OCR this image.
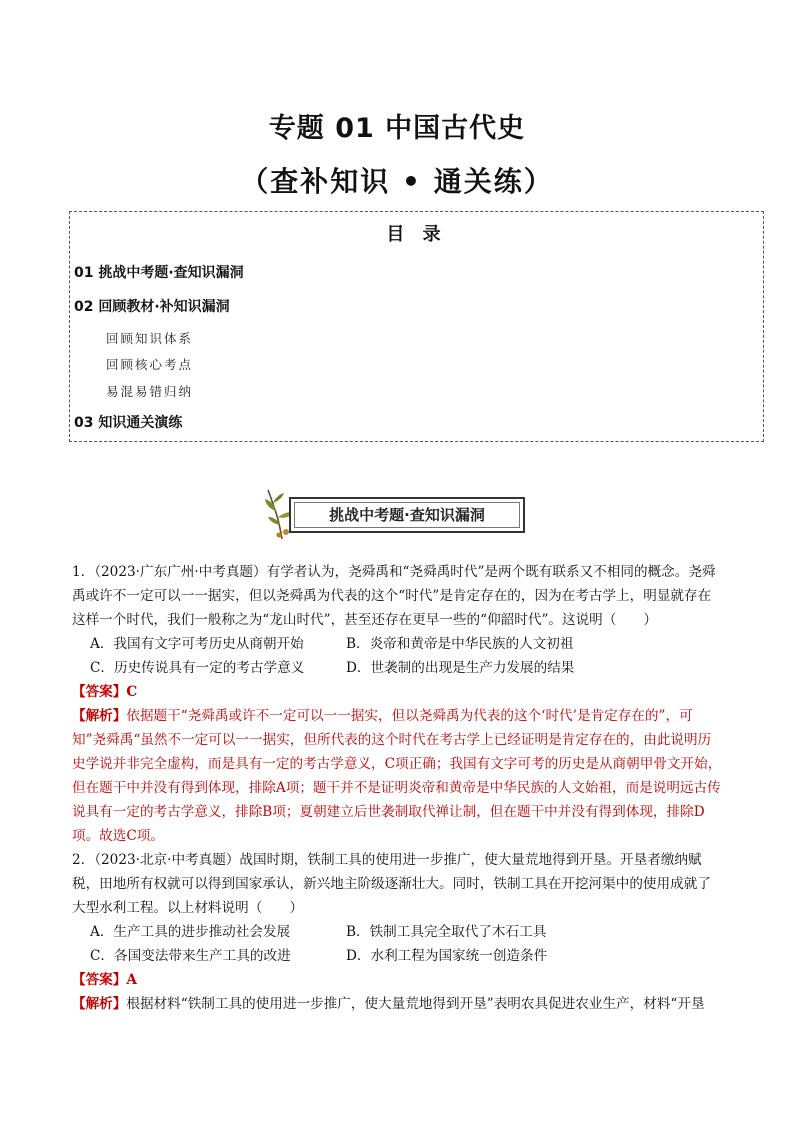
专题 01 中国古代史
（查补知识 • 通关练）
目 录
01 挑战中考题·查知识漏洞
02 回顾教材·补知识漏洞
回顾知识体系
回顾核心考点
易混易错归纳
03 知识通关演练
挑战中考题·查知识漏洞

1．（2023·广东广州·中考真题）有学者认为，尧舜禹和“尧舜禹时代”是两个既有联系又不相同的概念。尧舜禹或许不一定可以一一据实，但以尧舜禹为代表的这个“时代”是肯定存在的，因为在考古学上，明显就存在这样一个时代，我们一般称之为“龙山时代”，甚至还存在更早一些的“仰韶时代”。这说明（　　）

A．我国有文字可考历史从商朝开始	B．炎帝和黄帝是中华民族的人文初祖
C．历史传说具有一定的考古学意义	D．世袭制的出现是生产力发展的结果

【答案】C

【解析】依据题干“尧舜禹或许不一定可以一一据实，但以尧舜禹为代表的这个‘时代’是肯定存在的”，可知”尧舜禹“虽然不一定可以一一据实，但所代表的这个时代在考古学上已经证明是肯定存在的，由此说明历史学说并非完全虚构，而是具有一定的考古学意义，C项正确；我国有文字可考的历史是从商朝甲骨文开始，但在题干中并没有得到体现，排除A项；题干并不是证明炎帝和黄帝是中华民族的人文始祖，而是说明远古传说具有一定的考古学意义，排除B项；夏朝建立后世袭制取代禅让制，但在题干中并没有得到体现，排除D项。故选C项。

2．（2023·北京·中考真题）战国时期，铁制工具的使用进一步推广，使大量荒地得到开垦。开垦者缴纳赋税，田地所有权就可以得到国家承认，新兴地主阶级逐渐壮大。同时，铁制工具在开挖河渠中的使用成就了大型水利工程。以上材料说明（　　）

A．生产工具的进步推动社会发展	B．铁制工具完全取代了木石工具
C．各国变法带来生产工具的改进	D．水利工程为国家统一创造条件

【答案】A

【解析】根据材料“铁制工具的使用进一步推广，使大量荒地得到开垦”表明农具促进农业生产，材料“开垦
